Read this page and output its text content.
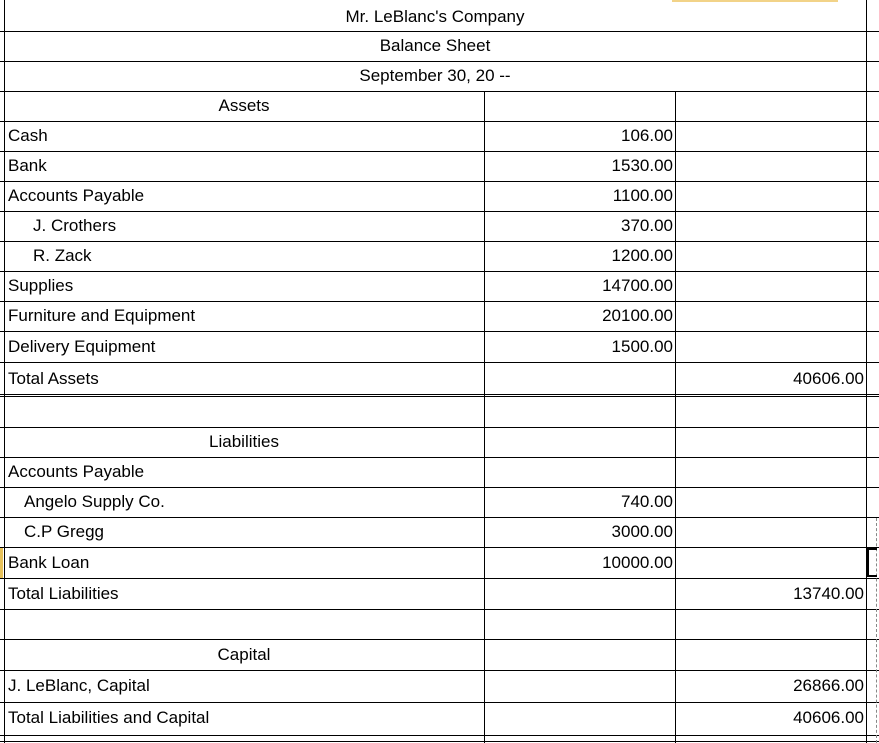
Mr. LeBlanc's Company
Balance Sheet
September 30, 20 --
Assets
Cash	106.00
Bank	1530.00
Accounts Payable	1100.00
J. Crothers	370.00
R. Zack	1200.00
Supplies	14700.00
Furniture and Equipment	20100.00
Delivery Equipment	1500.00
Total Assets	40606.00
Liabilities
Accounts Payable
Angelo Supply Co.	740.00
C.P Gregg	3000.00
Bank Loan	10000.00
Total Liabilities	13740.00
Capital
J. LeBlanc, Capital	26866.00
Total Liabilities and Capital	40606.00
